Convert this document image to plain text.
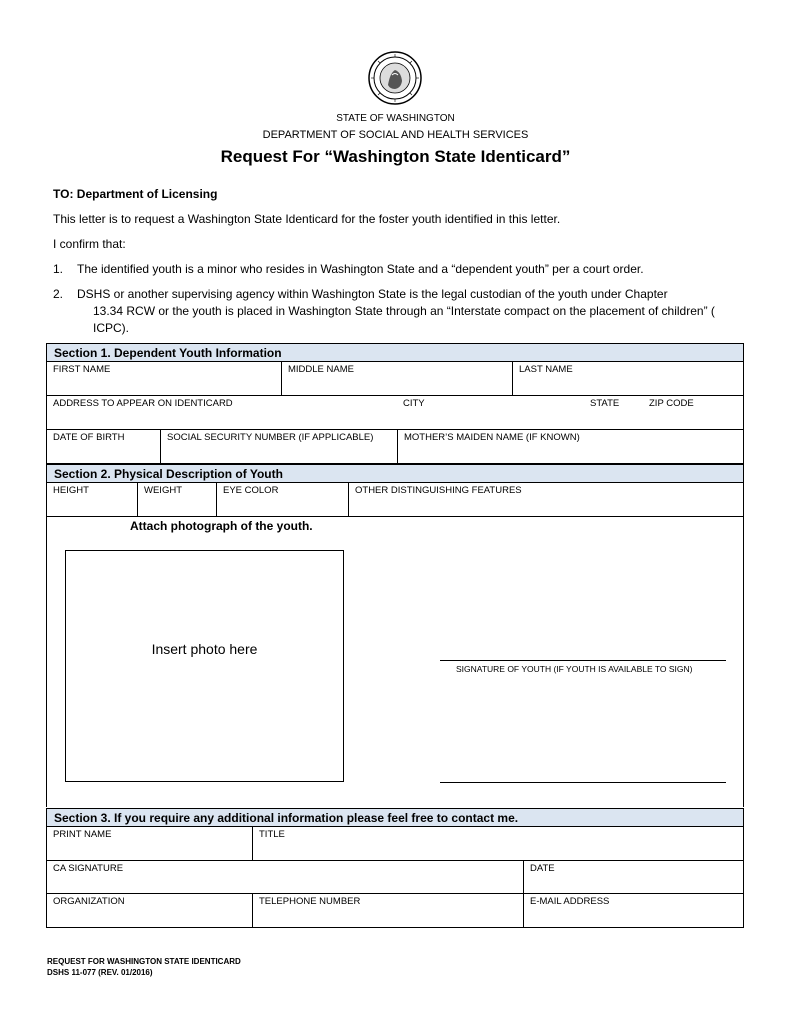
STATE OF WASHINGTON
DEPARTMENT OF SOCIAL AND HEALTH SERVICES
Request For “Washington State Identicard”
TO: Department of Licensing
This letter is to request a Washington State Identicard for the foster youth identified in this letter.
I confirm that:
1. The identified youth is a minor who resides in Washington State and a “dependent youth” per a court order.
2. DSHS or another supervising agency within Washington State is the legal custodian of the youth under Chapter
13.34 RCW or the youth is placed in Washington State through an “Interstate compact on the placement of children” ( ICPC).
Section 1. Dependent Youth Information
FIRST NAME	MIDDLE NAME	LAST NAME
ADDRESS TO APPEAR ON IDENTICARD	CITY	STATE	ZIP CODE
DATE OF BIRTH	SOCIAL SECURITY NUMBER (IF APPLICABLE)	MOTHER’S MAIDEN NAME (IF KNOWN)
Section 2. Physical Description of Youth
HEIGHT	WEIGHT	EYE COLOR	OTHER DISTINGUISHING FEATURES
Attach photograph of the youth.
Insert photo here
SIGNATURE OF YOUTH (IF YOUTH IS AVAILABLE TO SIGN)
Section 3. If you require any additional information please feel free to contact me.
PRINT NAME	TITLE
CA SIGNATURE	DATE
ORGANIZATION	TELEPHONE NUMBER	E-MAIL ADDRESS
REQUEST FOR WASHINGTON STATE IDENTICARD
DSHS 11-077 (REV. 01/2016)
